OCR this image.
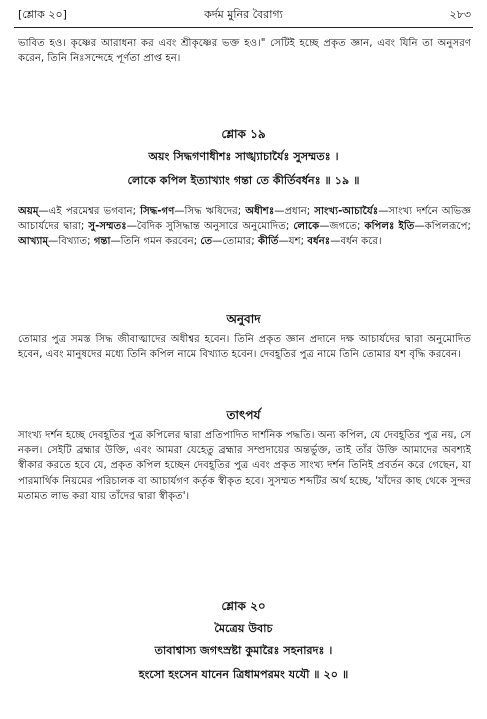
[শ্লোক ২০]	কর্দম মুনির বৈরাগ্য	২৮৩
ভাবিত হও। কৃষ্ণের আরাধনা কর এবং শ্রীকৃষ্ণের ভক্ত হও।" সেটিই হচ্ছে প্রকৃত জ্ঞান, এবং যিনি তা অনুসরণ করেন, তিনি নিঃসন্দেহে পূর্ণতা প্রাপ্ত হন।
শ্লোক ১৯
অয়ং সিদ্ধগণাধীশঃ সাঙ্খ্যাচার্যৈঃ সুসম্মতঃ ।
লোকে কপিল ইত্যাখ্যাং গন্তা তে কীর্তিবর্ধনঃ ॥ ১৯ ॥
অয়ম্—এই পরমেশ্বর ভগবান; সিদ্ধ-গণ—সিদ্ধ ঋষিদের; অধীশঃ—প্রধান; সাংখ্য-আচার্যৈঃ—সাংখ্য দর্শনে অভিজ্ঞ আচার্যদের দ্বারা; সু-সম্মতঃ—বৈদিক সুসিদ্ধান্ত অনুসারে অনুমোদিত; লোকে—জগতে; কপিলঃ ইতি—কপিলরূপে; আখ্যাম্—বিখ্যাত; গন্তা—তিনি গমন করবেন; তে—তোমার; কীর্তি—যশ; বর্ধনঃ—বর্ধন করে।
অনুবাদ
তোমার পুত্র সমস্ত সিদ্ধ জীবাত্মাদের অধীশ্বর হবেন। তিনি প্রকৃত জ্ঞান প্রদানে দক্ষ আচার্যদের দ্বারা অনুমোদিত হবেন, এবং মানুষদের মধ্যে তিনি কপিল নামে বিখ্যাত হবেন। দেবহূতির পুত্র নামে তিনি তোমার যশ বৃদ্ধি করবেন।
তাৎপর্য
সাংখ্য দর্শন হচ্ছে দেবহূতির পুত্র কপিলের দ্বারা প্রতিপাদিত দার্শনিক পদ্ধতি। অন্য কপিল, যে দেবহূতির পুত্র নয়, সে নকল। সেইটি ব্রহ্মার উক্তি, এবং আমরা যেহেতু ব্রহ্মার সম্প্রদায়ের অন্তর্ভুক্ত, তাই তাঁর উক্তি আমাদের অবশ্যই স্বীকার করতে হবে যে, প্রকৃত কপিল হচ্ছেন দেবহূতির পুত্র এবং প্রকৃত সাংখ্য দর্শন তিনিই প্রবর্তন করে গেছেন, যা পারমার্থিক নিয়মের পরিচালক বা আচার্যগণ কর্তৃক স্বীকৃত হবে। সুসম্মত শব্দটির অর্থ হচ্ছে, 'যাঁদের কাছ থেকে সুন্দর মতামত লাভ করা যায় তাঁদের দ্বারা স্বীকৃত'।
শ্লোক ২০
মৈত্রেয় উবাচ
তাবাশ্বাস্য জগৎস্রষ্টা কুমারৈঃ সহনারদঃ ।
হংসো হংসেন যানেন ত্রিধামপরমং যযৌ ॥ ২০ ॥
